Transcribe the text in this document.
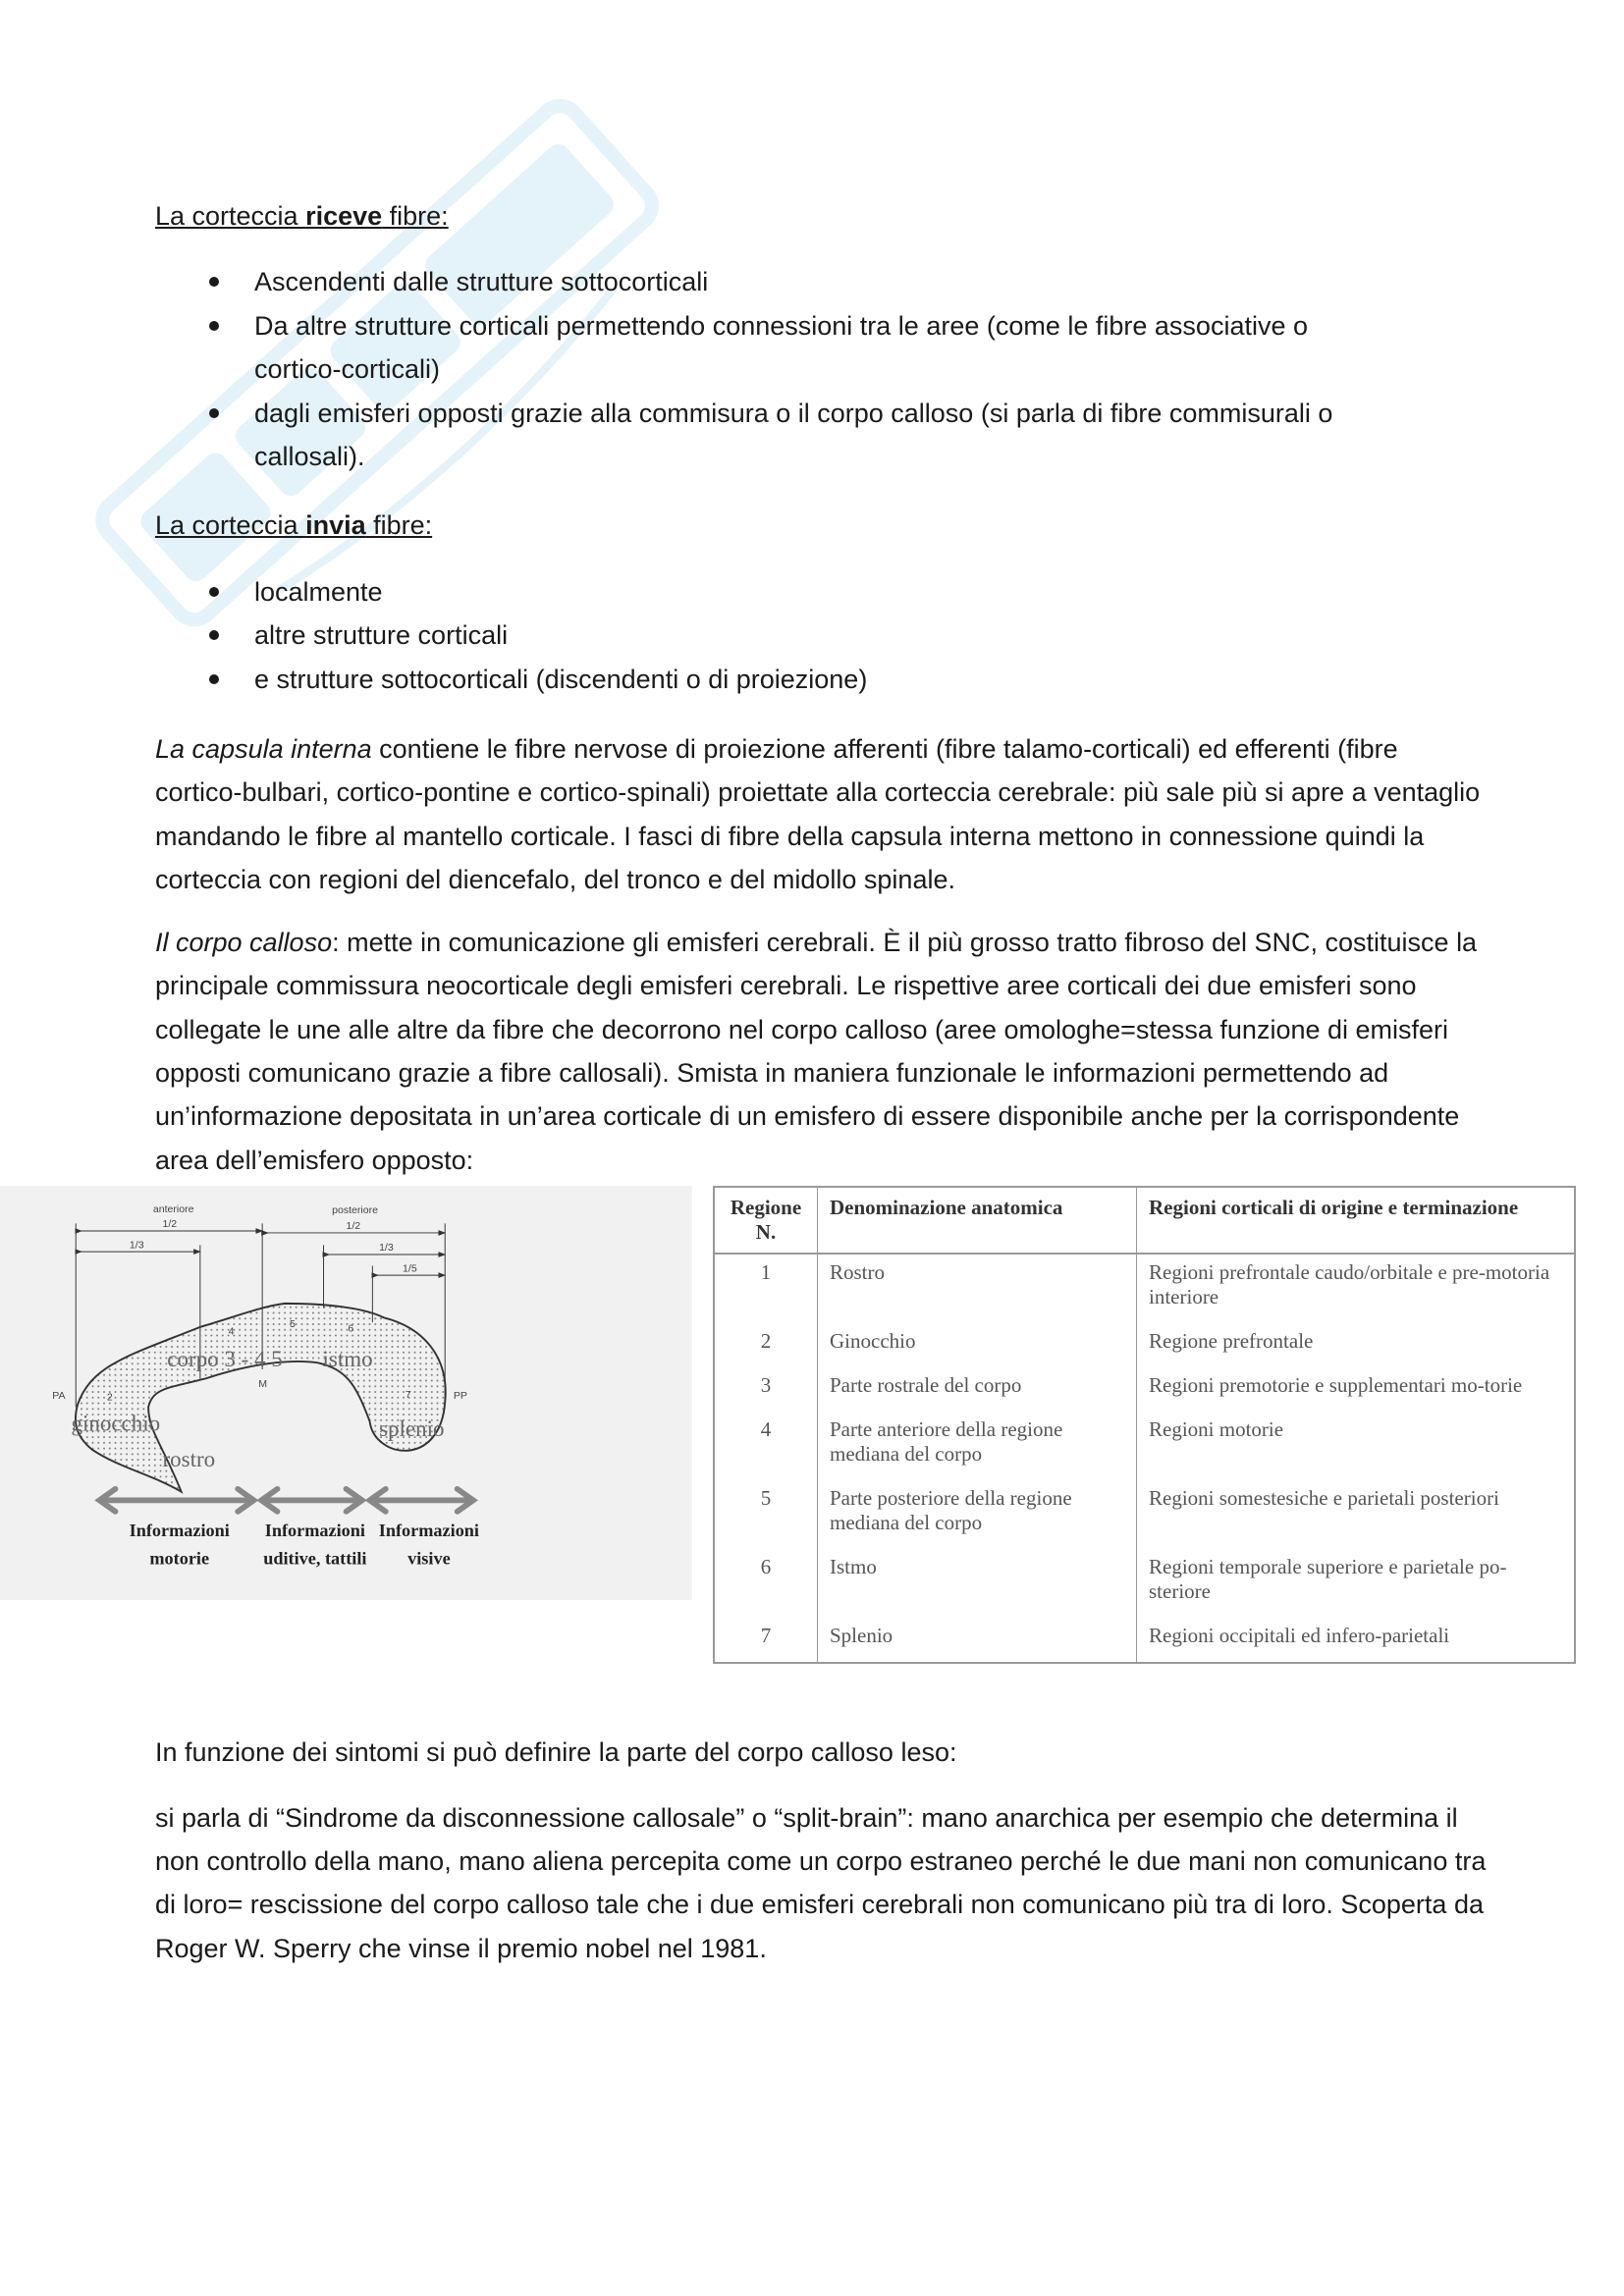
La corteccia riceve fibre:

Ascendenti dalle strutture sottocorticali
Da altre strutture corticali permettendo connessioni tra le aree (come le fibre associative o cortico-corticali)
dagli emisferi opposti grazie alla commisura o il corpo calloso (si parla di fibre commisurali o callosali).

La corteccia invia fibre:

localmente
altre strutture corticali
e strutture sottocorticali (discendenti o di proiezione)

La capsula interna contiene le fibre nervose di proiezione afferenti (fibre talamo-corticali) ed efferenti (fibre cortico-bulbari, cortico-pontine e cortico-spinali) proiettate alla corteccia cerebrale: più sale più si apre a ventaglio mandando le fibre al mantello corticale. I fasci di fibre della capsula interna mettono in connessione quindi la corteccia con regioni del diencefalo, del tronco e del midollo spinale.

Il corpo calloso: mette in comunicazione gli emisferi cerebrali. È il più grosso tratto fibroso del SNC, costituisce la principale commissura neocorticale degli emisferi cerebrali. Le rispettive aree corticali dei due emisferi sono collegate le une alle altre da fibre che decorrono nel corpo calloso (aree omologhe=stessa funzione di emisferi opposti comunicano grazie a fibre callosali). Smista in maniera funzionale le informazioni permettendo ad un’informazione depositata in un’area corticale di un emisfero di essere disponibile anche per la corrispondente area dell’emisfero opposto:

ginocchio
rostro
corpo 3 - 4 5 istmo
splenio
anteriore	posteriore
1/2	1/2
1/3	1/3
1/5
PA	PP
M
2
4
5	6
7
Informazioni
motorie
Informazioni
uditive, tattili
Informazioni
visive
Regione N.	Denominazione anatomica	Regioni corticali di origine e terminazione
1	Rostro	Regioni prefrontale caudo/orbitale e pre-motoria interiore
2	Ginocchio	Regione prefrontale
3	Parte rostrale del corpo	Regioni premotorie e supplementari mo-torie
4	Parte anteriore della regione mediana del corpo	Regioni motorie
5	Parte posteriore della regione mediana del corpo	Regioni somestesiche e parietali posteriori
6	Istmo	Regioni temporale superiore e parietale po-steriore
7	Splenio	Regioni occipitali ed infero-parietali

In funzione dei sintomi si può definire la parte del corpo calloso leso:

si parla di “Sindrome da disconnessione callosale” o “split-brain”: mano anarchica per esempio che determina il non controllo della mano, mano aliena percepita come un corpo estraneo perché le due mani non comunicano tra di loro= rescissione del corpo calloso tale che i due emisferi cerebrali non comunicano più tra di loro. Scoperta da Roger W. Sperry che vinse il premio nobel nel 1981.
